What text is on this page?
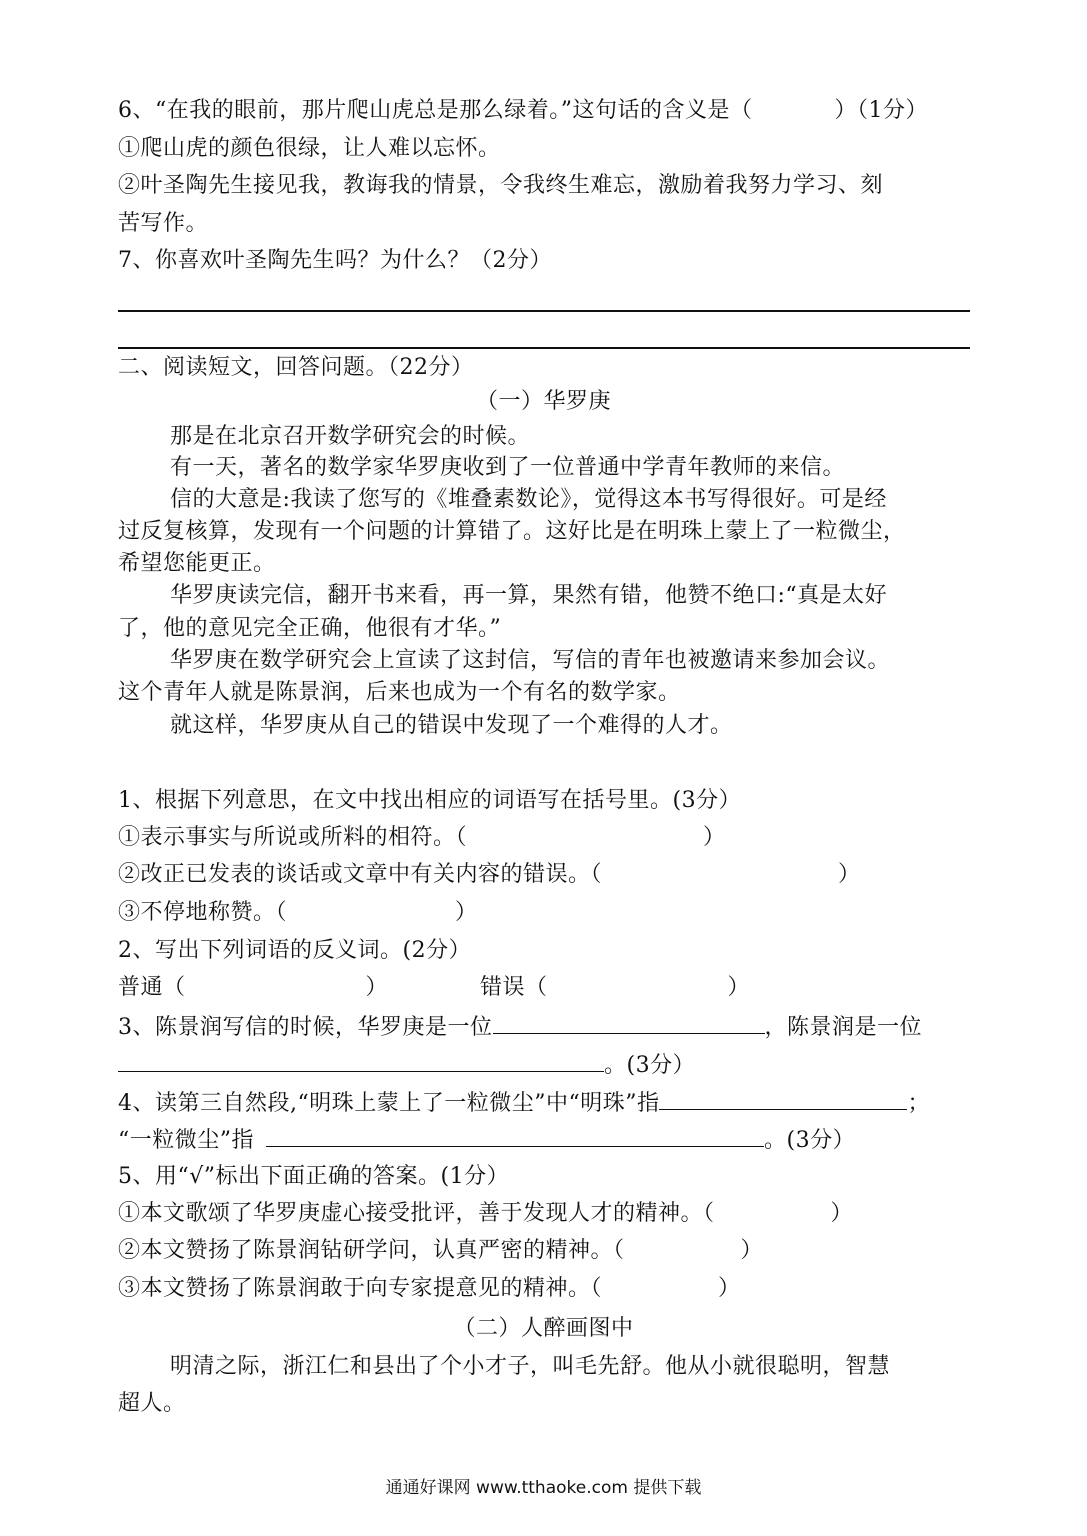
6、“在我的眼前，那片爬山虎总是那么绿着。”这句话的含义是（	）（1分）
①爬山虎的颜色很绿，让人难以忘怀。
②叶圣陶先生接见我，教诲我的情景，令我终生难忘，激励着我努力学习、刻
苦写作。
7、你喜欢叶圣陶先生吗？为什么？（2分）
二、阅读短文，回答问题。（22分）
（一）华罗庚
那是在北京召开数学研究会的时候。
有一天，著名的数学家华罗庚收到了一位普通中学青年教师的来信。
信的大意是:我读了您写的《堆叠素数论》，觉得这本书写得很好。可是经
过反复核算，发现有一个问题的计算错了。这好比是在明珠上蒙上了一粒微尘，
希望您能更正。
华罗庚读完信，翻开书来看，再一算，果然有错，他赞不绝口:“真是太好
了，他的意见完全正确，他很有才华。”
华罗庚在数学研究会上宣读了这封信，写信的青年也被邀请来参加会议。
这个青年人就是陈景润，后来也成为一个有名的数学家。
就这样，华罗庚从自己的错误中发现了一个难得的人才。
1、根据下列意思，在文中找出相应的词语写在括号里。(3分）
①表示事实与所说或所料的相符。（	）
②改正已发表的谈话或文章中有关内容的错误。（	）
③不停地称赞。（	）
2、写出下列词语的反义词。(2分）
普通（	）	错误（	）
3、陈景润写信的时候，华罗庚是一位	，陈景润是一位
。(3分）
4、读第三自然段,“明珠上蒙上了一粒微尘”中“明珠”指	；
“一粒微尘”指	。(3分）
5、用“√”标出下面正确的答案。(1分）
①本文歌颂了华罗庚虚心接受批评，善于发现人才的精神。（	）
②本文赞扬了陈景润钻研学问，认真严密的精神。（	）
③本文赞扬了陈景润敢于向专家提意见的精神。（	）
（二）人醉画图中
明清之际，浙江仁和县出了个小才子，叫毛先舒。他从小就很聪明，智慧
超人。
通通好课网 www.tthaoke.com 提供下载
